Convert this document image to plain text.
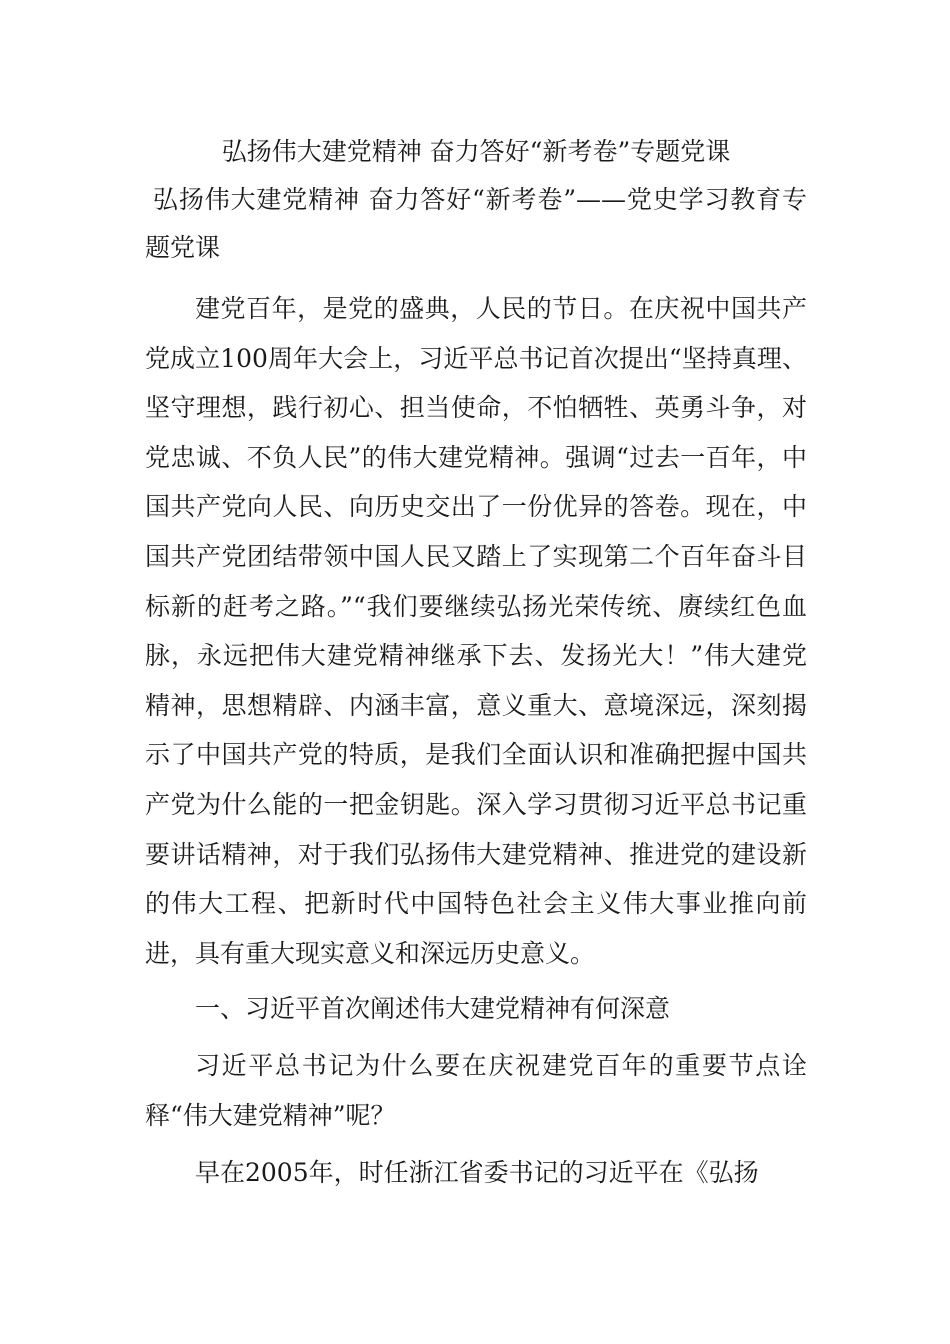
弘扬伟大建党精神 奋力答好“新考卷”专题党课
弘扬伟大建党精神 奋力答好“新考卷”——党史学习教育专题党课

建党百年，是党的盛典，人民的节日。在庆祝中国共产党成立100周年大会上，习近平总书记首次提出“坚持真理、坚守理想，践行初心、担当使命，不怕牺牲、英勇斗争，对党忠诚、不负人民”的伟大建党精神。强调“过去一百年，中国共产党向人民、向历史交出了一份优异的答卷。现在，中国共产党团结带领中国人民又踏上了实现第二个百年奋斗目标新的赶考之路。”“我们要继续弘扬光荣传统、赓续红色血脉，永远把伟大建党精神继承下去、发扬光大！”伟大建党精神，思想精辟、内涵丰富，意义重大、意境深远，深刻揭示了中国共产党的特质，是我们全面认识和准确把握中国共产党为什么能的一把金钥匙。深入学习贯彻习近平总书记重要讲话精神，对于我们弘扬伟大建党精神、推进党的建设新的伟大工程、把新时代中国特色社会主义伟大事业推向前进，具有重大现实意义和深远历史意义。

一、习近平首次阐述伟大建党精神有何深意

习近平总书记为什么要在庆祝建党百年的重要节点诠释“伟大建党精神”呢？

早在2005年，时任浙江省委书记的习近平在《弘扬
